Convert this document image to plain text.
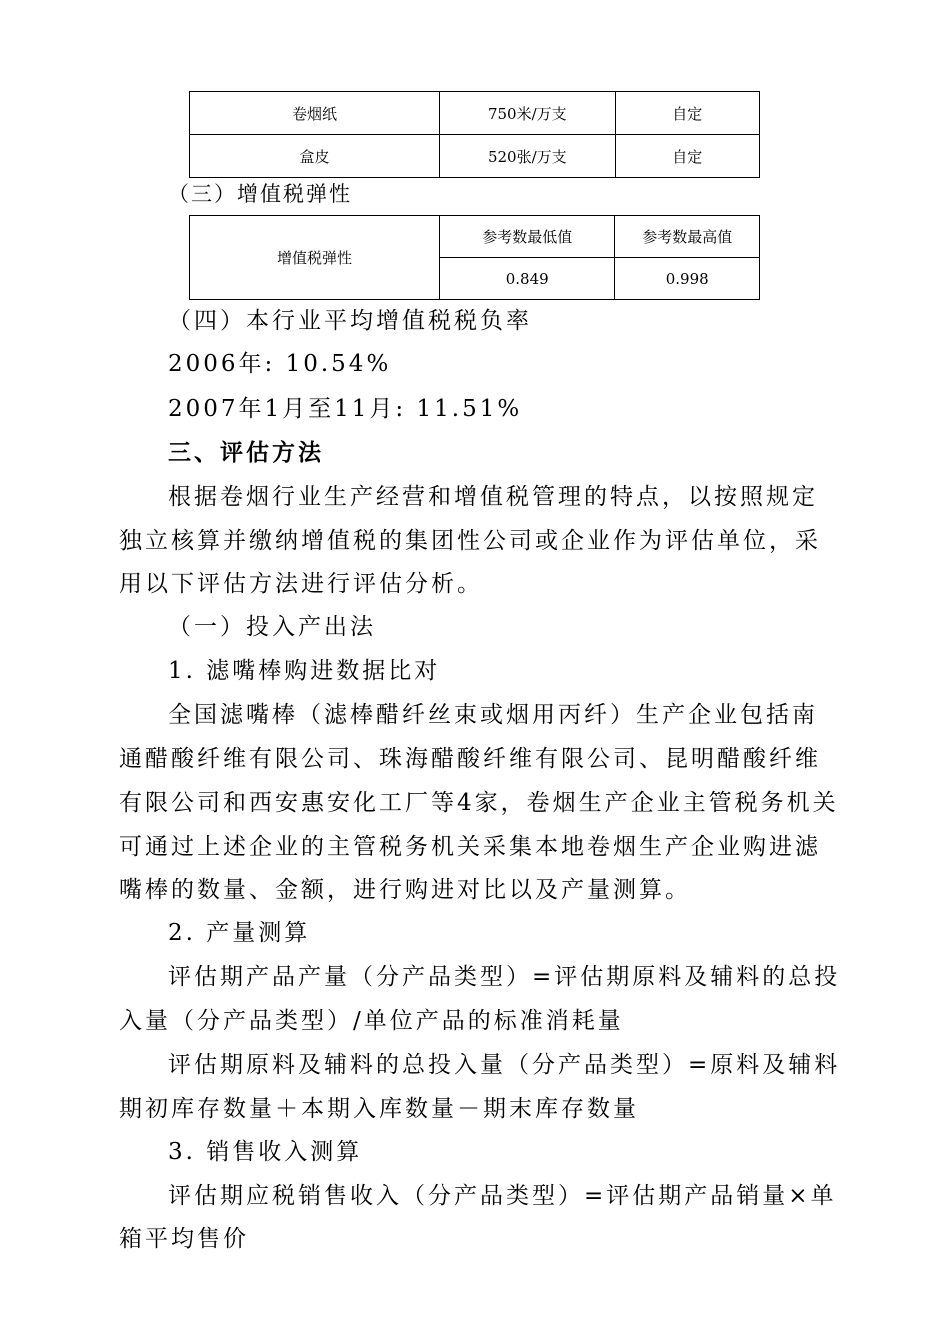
卷烟纸	750米/万支	自定
盒皮	520张/万支	自定

（三）增值税弹性

增值税弹性	参考数最低值	参考数最高值
	0.849	0.998

（四）本行业平均增值税税负率

2006年: 10.54%

2007年1月至11月: 11.51%

三、评估方法

根据卷烟行业生产经营和增值税管理的特点，以按照规定

独立核算并缴纳增值税的集团性公司或企业作为评估单位，采

用以下评估方法进行评估分析。

（一）投入产出法

1. 滤嘴棒购进数据比对

全国滤嘴棒（滤棒醋纤丝束或烟用丙纤）生产企业包括南

通醋酸纤维有限公司、珠海醋酸纤维有限公司、昆明醋酸纤维

有限公司和西安惠安化工厂等4家，卷烟生产企业主管税务机关

可通过上述企业的主管税务机关采集本地卷烟生产企业购进滤

嘴棒的数量、金额，进行购进对比以及产量测算。

2. 产量测算

评估期产品产量（分产品类型）=评估期原料及辅料的总投

入量（分产品类型）/单位产品的标准消耗量

评估期原料及辅料的总投入量（分产品类型）=原料及辅料

期初库存数量＋本期入库数量－期末库存数量

3. 销售收入测算

评估期应税销售收入（分产品类型）=评估期产品销量×单

箱平均售价
